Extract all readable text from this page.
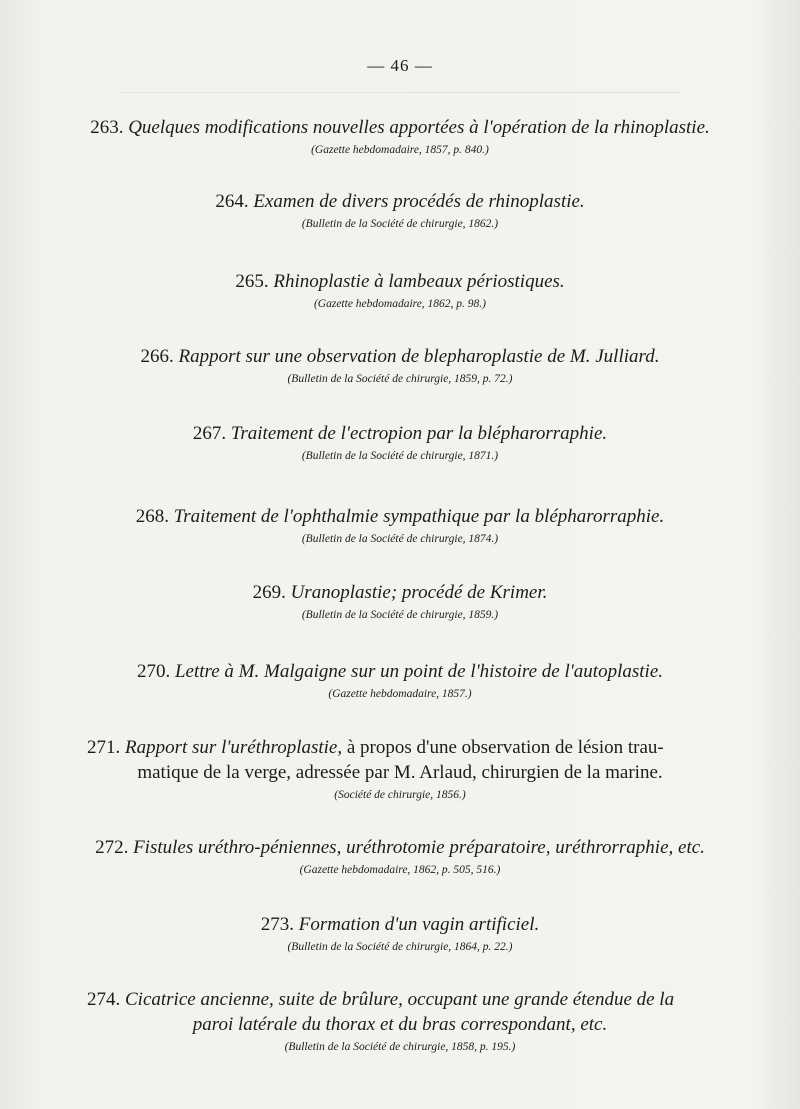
— 46 —
263. Quelques modifications nouvelles apportées à l'opération de la rhinoplastie.
(Gazette hebdomadaire, 1857, p. 840.)
264. Examen de divers procédés de rhinoplastie.
(Bulletin de la Société de chirurgie, 1862.)
265. Rhinoplastie à lambeaux périostiques.
(Gazette hebdomadaire, 1862, p. 98.)
266. Rapport sur une observation de blepharoplastie de M. Julliard.
(Bulletin de la Société de chirurgie, 1859, p. 72.)
267. Traitement de l'ectropion par la blépharorraphie.
(Bulletin de la Société de chirurgie, 1871.)
268. Traitement de l'ophthalmie sympathique par la blépharorraphie.
(Bulletin de la Société de chirurgie, 1874.)
269. Uranoplastie; procédé de Krimer.
(Bulletin de la Société de chirurgie, 1859.)
270. Lettre à M. Malgaigne sur un point de l'histoire de l'autoplastie.
(Gazette hebdomadaire, 1857.)
271. Rapport sur l'uréthroplastie, à propos d'une observation de lésion trau-
matique de la verge, adressée par M. Arlaud, chirurgien de la marine.
(Société de chirurgie, 1856.)
272. Fistules uréthro-péniennes, uréthrotomie préparatoire, uréthrorraphie, etc.
(Gazette hebdomadaire, 1862, p. 505, 516.)
273. Formation d'un vagin artificiel.
(Bulletin de la Société de chirurgie, 1864, p. 22.)
274. Cicatrice ancienne, suite de brûlure, occupant une grande étendue de la
paroi latérale du thorax et du bras correspondant, etc.
(Bulletin de la Société de chirurgie, 1858, p. 195.)
